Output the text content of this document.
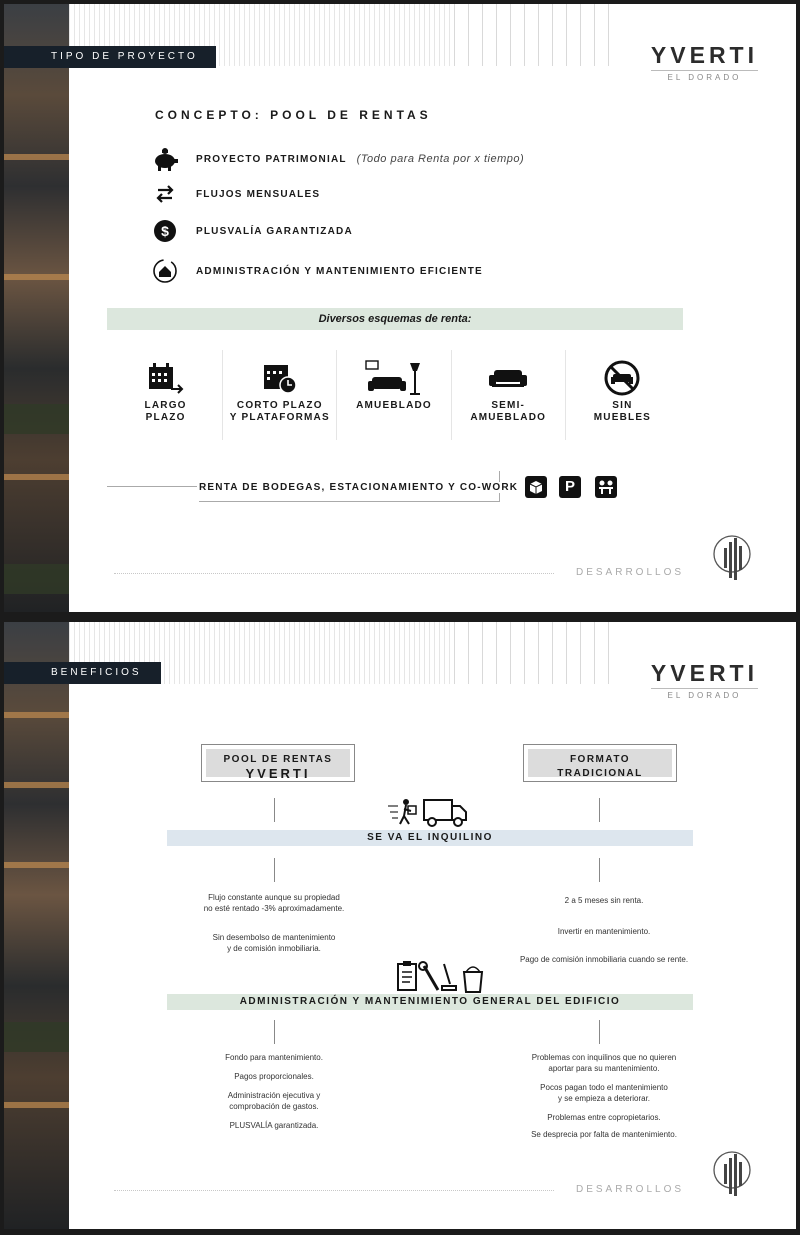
TIPO DE PROYECTO	YVERTI
EL DORADO
CONCEPTO: POOL DE RENTAS
PROYECTO PATRIMONIAL (Todo para Renta por x tiempo)
FLUJOS MENSUALES
$	PLUSVALÍA GARANTIZADA
ADMINISTRACIÓN Y MANTENIMIENTO EFICIENTE
Diversos esquemas de renta:
LARGO
PLAZO
CORTO PLAZO
Y PLATAFORMAS
AMUEBLADO	SEMI-
AMUEBLADO
SIN
MUEBLES
RENTA DE BODEGAS, ESTACIONAMIENTO Y CO-WORK	P
DESARROLLOS
BENEFICIOS	YVERTI
EL DORADO
POOL DE RENTAS
YVERTI
FORMATO
TRADICIONAL
SE VA EL INQUILINO

Flujo constante aunque su propiedad
no esté rentado -3% aproximadamente.

Sin desembolso de mantenimiento
y de comisión inmobiliaria.

2 a 5 meses sin renta.

Invertir en mantenimiento.

Pago de comisión inmobiliaria cuando se rente.

ADMINISTRACIÓN Y MANTENIMIENTO GENERAL DEL EDIFICIO

Fondo para mantenimiento.

Pagos proporcionales.

Administración ejecutiva y
comprobación de gastos.

PLUSVALÍA garantizada.

Problemas con inquilinos que no quieren
aportar para su mantenimiento.

Pocos pagan todo el mantenimiento
y se empieza a deteriorar.

Problemas entre copropietarios.

Se desprecia por falta de mantenimiento.

DESARROLLOS
